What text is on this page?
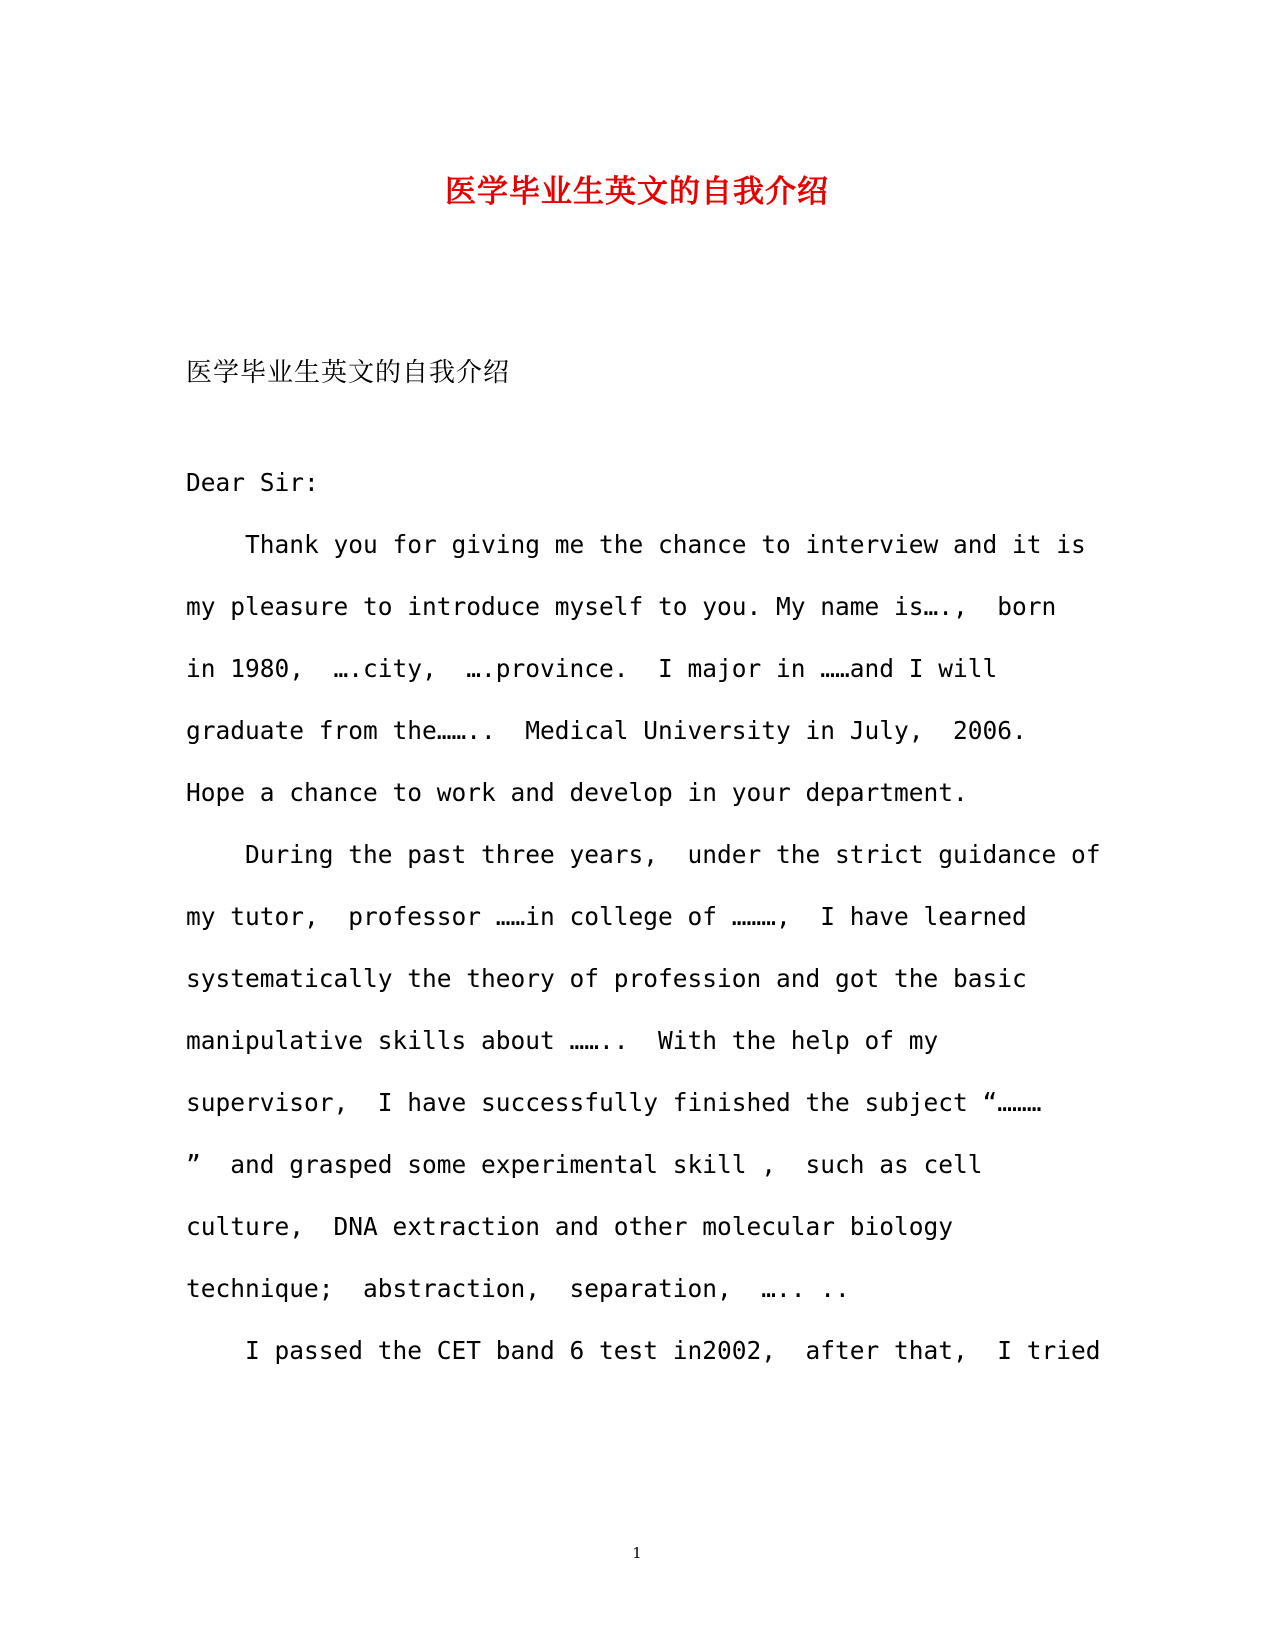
医学毕业生英文的自我介绍
医学毕业生英文的自我介绍
Dear Sir:
Thank you for giving me the chance to interview and it is
my pleasure to introduce myself to you. My name is….,  born
in 1980,  ….city,  ….province.  I major in ……and I will
graduate from the……..  Medical University in July,  2006.
Hope a chance to work and develop in your department.
During the past three years,  under the strict guidance of
my tutor,  professor ……in college of ………,  I have learned
systematically the theory of profession and got the basic
manipulative skills about ……..  With the help of my
supervisor,  I have successfully finished the subject “………
”  and grasped some experimental skill ,  such as cell
culture,  DNA extraction and other molecular biology
technique;  abstraction,  separation,  ….. ..
I passed the CET band 6 test in2002,  after that,  I tried
1
